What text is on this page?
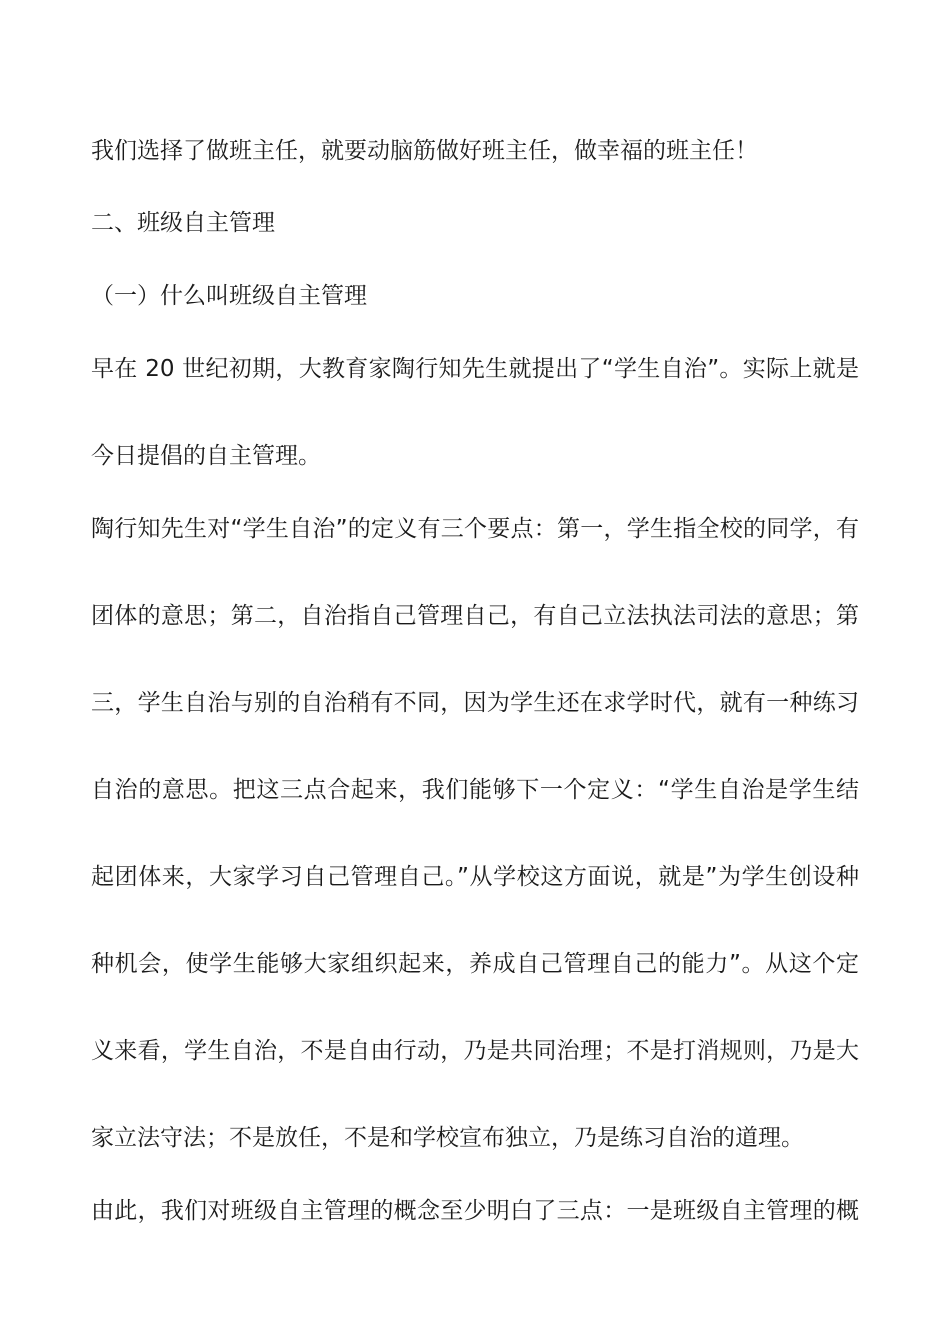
我们选择了做班主任，就要动脑筋做好班主任，做幸福的班主任！
二、班级自主管理
（一）什么叫班级自主管理
早在 20 世纪初期，大教育家陶行知先生就提出了“学生自治”。实际上就是
今日提倡的自主管理。
陶行知先生对“学生自治”的定义有三个要点：第一，学生指全校的同学，有
团体的意思；第二，自治指自己管理自己，有自己立法执法司法的意思；第
三，学生自治与别的自治稍有不同，因为学生还在求学时代，就有一种练习
自治的意思。把这三点合起来，我们能够下一个定义：“学生自治是学生结
起团体来，大家学习自己管理自己。”从学校这方面说，就是”为学生创设种
种机会，使学生能够大家组织起来，养成自己管理自己的能力”。从这个定
义来看，学生自治，不是自由行动，乃是共同治理；不是打消规则，乃是大
家立法守法；不是放任，不是和学校宣布独立，乃是练习自治的道理。
由此，我们对班级自主管理的概念至少明白了三点：一是班级自主管理的概
